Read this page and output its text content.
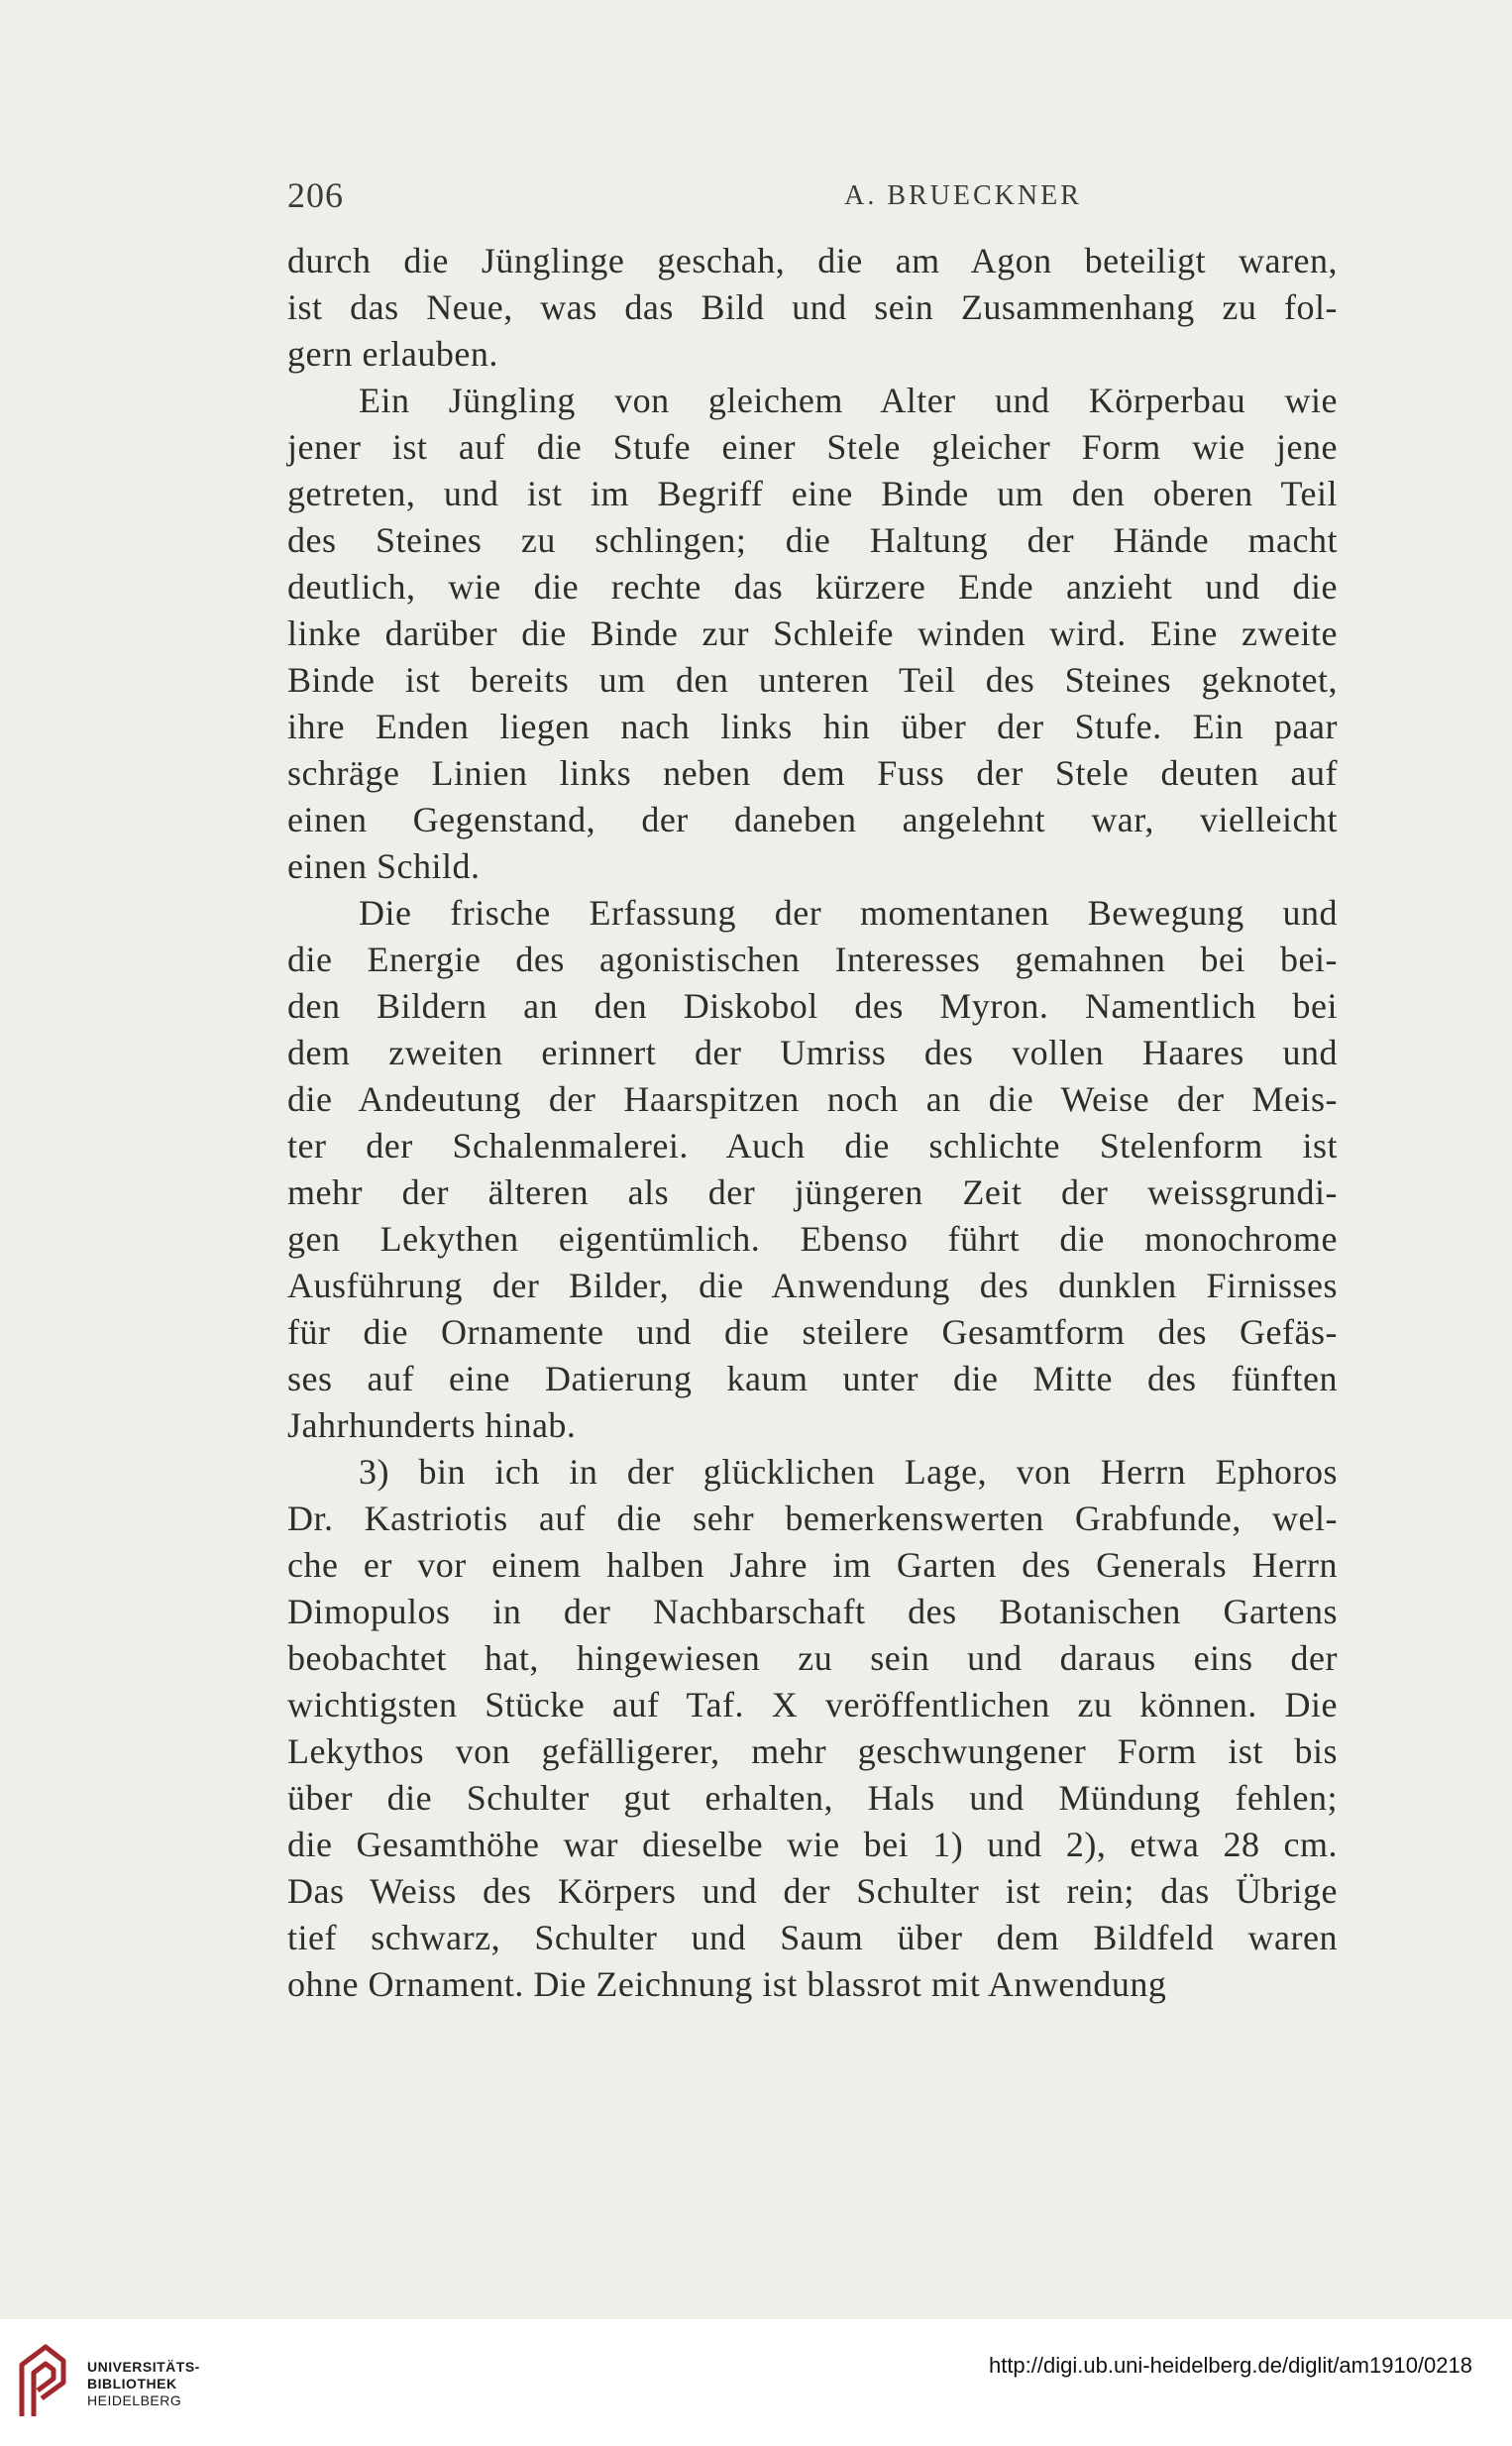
206	A. BRUECKNER
durch die Jünglinge geschah, die am Agon beteiligt waren,
ist das Neue, was das Bild und sein Zusammenhang zu fol-
gern erlauben.
Ein Jüngling von gleichem Alter und Körperbau wie
jener ist auf die Stufe einer Stele gleicher Form wie jene
getreten, und ist im Begriff eine Binde um den oberen Teil
des Steines zu schlingen; die Haltung der Hände macht
deutlich, wie die rechte das kürzere Ende anzieht und die
linke darüber die Binde zur Schleife winden wird. Eine zweite
Binde ist bereits um den unteren Teil des Steines geknotet,
ihre Enden liegen nach links hin über der Stufe. Ein paar
schräge Linien links neben dem Fuss der Stele deuten auf
einen Gegenstand, der daneben angelehnt war, vielleicht
einen Schild.
Die frische Erfassung der momentanen Bewegung und
die Energie des agonistischen Interesses gemahnen bei bei-
den Bildern an den Diskobol des Myron. Namentlich bei
dem zweiten erinnert der Umriss des vollen Haares und
die Andeutung der Haarspitzen noch an die Weise der Meis-
ter der Schalenmalerei. Auch die schlichte Stelenform ist
mehr der älteren als der jüngeren Zeit der weissgrundi-
gen Lekythen eigentümlich. Ebenso führt die monochrome
Ausführung der Bilder, die Anwendung des dunklen Firnisses
für die Ornamente und die steilere Gesamtform des Gefäs-
ses auf eine Datierung kaum unter die Mitte des fünften
Jahrhunderts hinab.
3) bin ich in der glücklichen Lage, von Herrn Ephoros
Dr. Kastriotis auf die sehr bemerkenswerten Grabfunde, wel-
che er vor einem halben Jahre im Garten des Generals Herrn
Dimopulos in der Nachbarschaft des Botanischen Gartens
beobachtet hat, hingewiesen zu sein und daraus eins der
wichtigsten Stücke auf Taf. X veröffentlichen zu können. Die
Lekythos von gefälligerer, mehr geschwungener Form ist bis
über die Schulter gut erhalten, Hals und Mündung fehlen;
die Gesamthöhe war dieselbe wie bei 1) und 2), etwa 28 cm.
Das Weiss des Körpers und der Schulter ist rein; das Übrige
tief schwarz, Schulter und Saum über dem Bildfeld waren
ohne Ornament. Die Zeichnung ist blassrot mit Anwendung
UNIVERSITÄTS-
BIBLIOTHEK
HEIDELBERG
http://digi.ub.uni-heidelberg.de/diglit/am1910/0218
